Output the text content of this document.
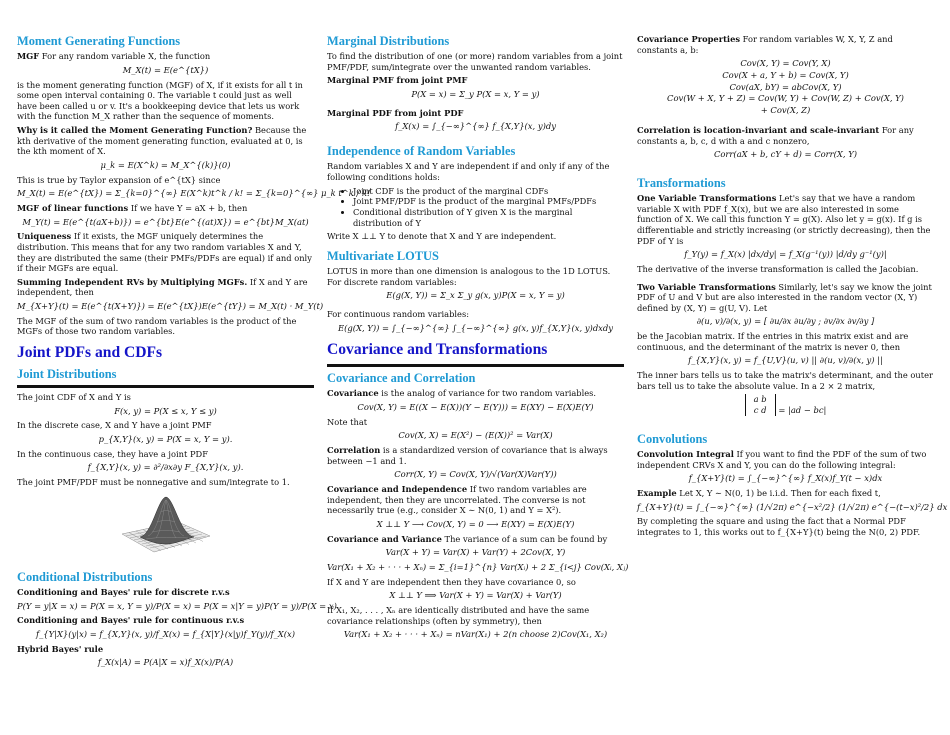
Moment Generating Functions

MGF For any random variable X, the function

M_X(t) = E(e^{tX})

is the moment generating function (MGF) of X, if it exists for all t in some open interval containing 0. The variable t could just as well have been called u or v. It's a bookkeeping device that lets us work with the function M_X rather than the sequence of moments.

Why is it called the Moment Generating Function? Because the kth derivative of the moment generating function, evaluated at 0, is the kth moment of X.

μ_k = E(X^k) = M_X^{(k)}(0)

This is true by Taylor expansion of e^{tX} since

M_X(t) = E(e^{tX}) = Σ_{k=0}^{∞} E(X^k)t^k / k! = Σ_{k=0}^{∞} μ_k t^k / k!

MGF of linear functions If we have Y = aX + b, then

M_Y(t) = E(e^{t(aX+b)}) = e^{bt}E(e^{(at)X}) = e^{bt}M_X(at)

Uniqueness If it exists, the MGF uniquely determines the distribution. This means that for any two random variables X and Y, they are distributed the same (their PMFs/PDFs are equal) if and only if their MGFs are equal.

Summing Independent RVs by Multiplying MGFs. If X and Y are independent, then

M_{X+Y}(t) = E(e^{t(X+Y)}) = E(e^{tX})E(e^{tY}) = M_X(t) · M_Y(t)

The MGF of the sum of two random variables is the product of the MGFs of those two random variables.

Joint PDFs and CDFs
Joint Distributions

The joint CDF of X and Y is

F(x, y) = P(X ≤ x, Y ≤ y)

In the discrete case, X and Y have a joint PMF

p_{X,Y}(x, y) = P(X = x, Y = y).

In the continuous case, they have a joint PDF

f_{X,Y}(x, y) = ∂²/∂x∂y F_{X,Y}(x, y).

The joint PMF/PDF must be nonnegative and sum/integrate to 1.

Conditional Distributions

Conditioning and Bayes' rule for discrete r.v.s

P(Y = y|X = x) = P(X = x, Y = y)/P(X = x) = P(X = x|Y = y)P(Y = y)/P(X = x)

Conditioning and Bayes' rule for continuous r.v.s

f_{Y|X}(y|x) = f_{X,Y}(x, y)/f_X(x) = f_{X|Y}(x|y)f_Y(y)/f_X(x)

Hybrid Bayes' rule

f_X(x|A) = P(A|X = x)f_X(x)/P(A)
Marginal Distributions

To find the distribution of one (or more) random variables from a joint PMF/PDF, sum/integrate over the unwanted random variables.

Marginal PMF from joint PMF

P(X = x) = Σ_y P(X = x, Y = y)

Marginal PDF from joint PDF

f_X(x) = ∫_{−∞}^{∞} f_{X,Y}(x, y)dy
Independence of Random Variables

Random variables X and Y are independent if and only if any of the following conditions holds:

• Joint CDF is the product of the marginal CDFs
• Joint PMF/PDF is the product of the marginal PMFs/PDFs
• Conditional distribution of Y given X is the marginal distribution of Y

Write X ⊥⊥ Y to denote that X and Y are independent.

Multivariate LOTUS

LOTUS in more than one dimension is analogous to the 1D LOTUS. For discrete random variables:

E(g(X, Y)) = Σ_x Σ_y g(x, y)P(X = x, Y = y)

For continuous random variables:

E(g(X, Y)) = ∫_{−∞}^{∞} ∫_{−∞}^{∞} g(x, y)f_{X,Y}(x, y)dxdy
Covariance and Transformations
Covariance and Correlation

Covariance is the analog of variance for two random variables.

Cov(X, Y) = E((X − E(X))(Y − E(Y))) = E(XY) − E(X)E(Y)

Note that

Cov(X, X) = E(X²) − (E(X))² = Var(X)

Correlation is a standardized version of covariance that is always between −1 and 1.

Corr(X, Y) = Cov(X, Y)/√(Var(X)Var(Y))

Covariance and Independence If two random variables are independent, then they are uncorrelated. The converse is not necessarily true (e.g., consider X ∼ N(0, 1) and Y = X²).

X ⊥⊥ Y ⟶ Cov(X, Y) = 0 ⟶ E(XY) = E(X)E(Y)

Covariance and Variance The variance of a sum can be found by

Var(X + Y) = Var(X) + Var(Y) + 2Cov(X, Y)
Var(X₁ + X₂ + · · · + Xₙ) = Σ_{i=1}^{n} Var(Xᵢ) + 2 Σ_{i<j} Cov(Xᵢ, Xⱼ)

If X and Y are independent then they have covariance 0, so

X ⊥⊥ Y ⟹ Var(X + Y) = Var(X) + Var(Y)

If X₁, X₂, . . . , Xₙ are identically distributed and have the same covariance relationships (often by symmetry), then

Var(X₁ + X₂ + · · · + Xₙ) = nVar(X₁) + 2(n choose 2)Cov(X₁, X₂)

Covariance Properties For random variables W, X, Y, Z and constants a, b:

Cov(X, Y) = Cov(Y, X)
Cov(X + a, Y + b) = Cov(X, Y)
Cov(aX, bY) = abCov(X, Y)
Cov(W + X, Y + Z) = Cov(W, Y) + Cov(W, Z) + Cov(X, Y)
+ Cov(X, Z)

Correlation is location-invariant and scale-invariant For any constants a, b, c, d with a and c nonzero,

Corr(aX + b, cY + d) = Corr(X, Y)
Transformations

One Variable Transformations Let's say that we have a random variable X with PDF f_X(x), but we are also interested in some function of X. We call this function Y = g(X). Also let y = g(x). If g is differentiable and strictly increasing (or strictly decreasing), then the PDF of Y is

f_Y(y) = f_X(x) |dx/dy| = f_X(g⁻¹(y)) |d/dy g⁻¹(y)|

The derivative of the inverse transformation is called the Jacobian.

Two Variable Transformations Similarly, let's say we know the joint PDF of U and V but are also interested in the random vector (X, Y) defined by (X, Y) = g(U, V). Let

∂(u, v)/∂(x, y) = [ ∂u/∂x ∂u/∂y ; ∂v/∂x ∂v/∂y ]

be the Jacobian matrix. If the entries in this matrix exist and are continuous, and the determinant of the matrix is never 0, then

f_{X,Y}(x, y) = f_{U,V}(u, v) || ∂(u, v)/∂(x, y) ||

The inner bars tells us to take the matrix's determinant, and the outer bars tell us to take the absolute value. In a 2 × 2 matrix,

a b
c d = |ad − bc|
Convolutions

Convolution Integral If you want to find the PDF of the sum of two independent CRVs X and Y, you can do the following integral:

f_{X+Y}(t) = ∫_{−∞}^{∞} f_X(x)f_Y(t − x)dx

Example Let X, Y ∼ N(0, 1) be i.i.d. Then for each fixed t,

f_{X+Y}(t) = ∫_{−∞}^{∞} (1/√2π) e^{−x²/2} (1/√2π) e^{−(t−x)²/2} dx

By completing the square and using the fact that a Normal PDF integrates to 1, this works out to f_{X+Y}(t) being the N(0, 2) PDF.
